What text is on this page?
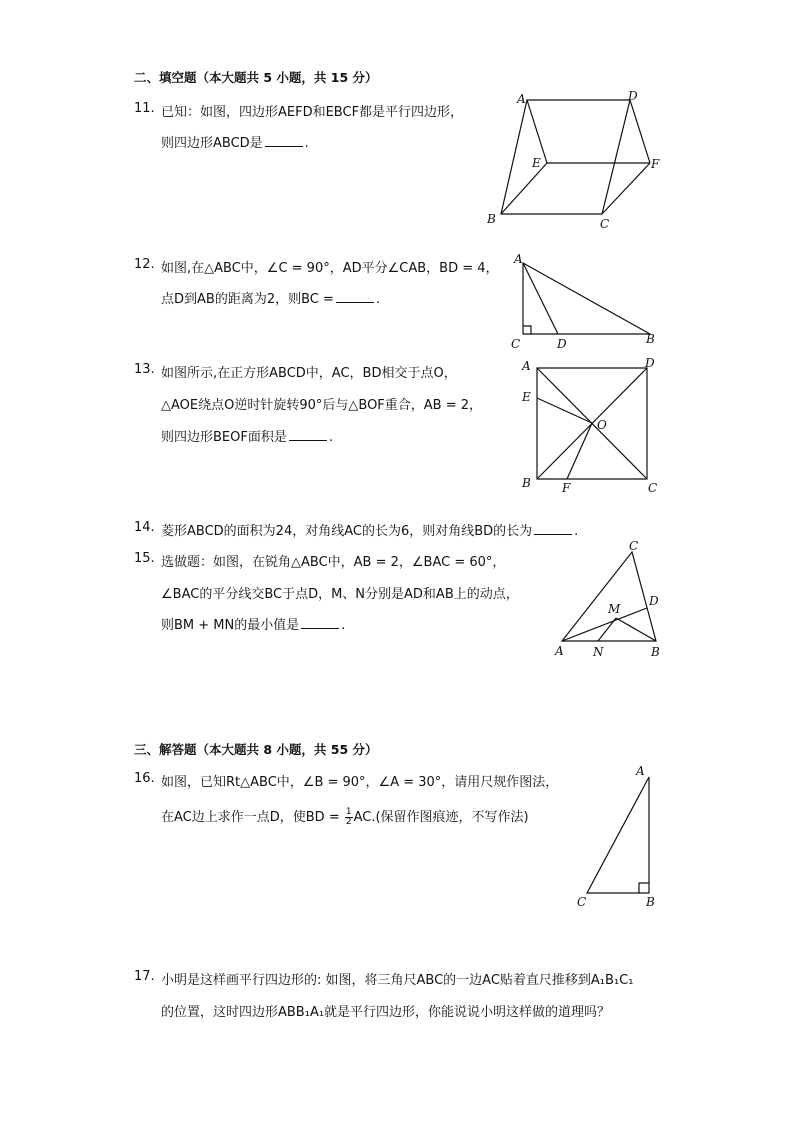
二、填空题（本大题共 5 小题，共 15 分）
11. 已知：如图，四边形AEFD和EBCF都是平行四边形，
则四边形ABCD是	.
A	D
E	F
B	C
12. 如图,在△ABC中，∠C = 90°，AD平分∠CAB，BD = 4，
点D到AB的距离为2，则BC =	.
A
C	D	B
13. 如图所示,在正方形ABCD中，AC，BD相交于点O，
△AOE绕点O逆时针旋转90°后与△BOF重合，AB = 2，
则四边形BEOF面积是	.
A	D
E
O
B	F	C
14. 菱形ABCD的面积为24，对角线AC的长为6，则对角线BD的长为	.
15. 选做题：如图，在锐角△ABC中，AB = 2，∠BAC = 60°，
∠BAC的平分线交BC于点D，M、N分别是AD和AB上的动点，
则BM + MN的最小值是	.
C
M
D
A N	B
三、解答题（本大题共 8 小题，共 55 分）
16. 如图，已知Rt△ABC中，∠B = 90°，∠A = 30°，请用尺规作图法，
在AC边上求作一点D，使BD = $\frac{1}{2} AC$.(保留作图痕迹，不写作法)
A
C	B
17. 小明是这样画平行四边形的: 如图，将三角尺ABC的一边AC贴着直尺推移到A₁B₁C₁
的位置，这时四边形ABB₁A₁就是平行四边形，你能说说小明这样做的道理吗？
